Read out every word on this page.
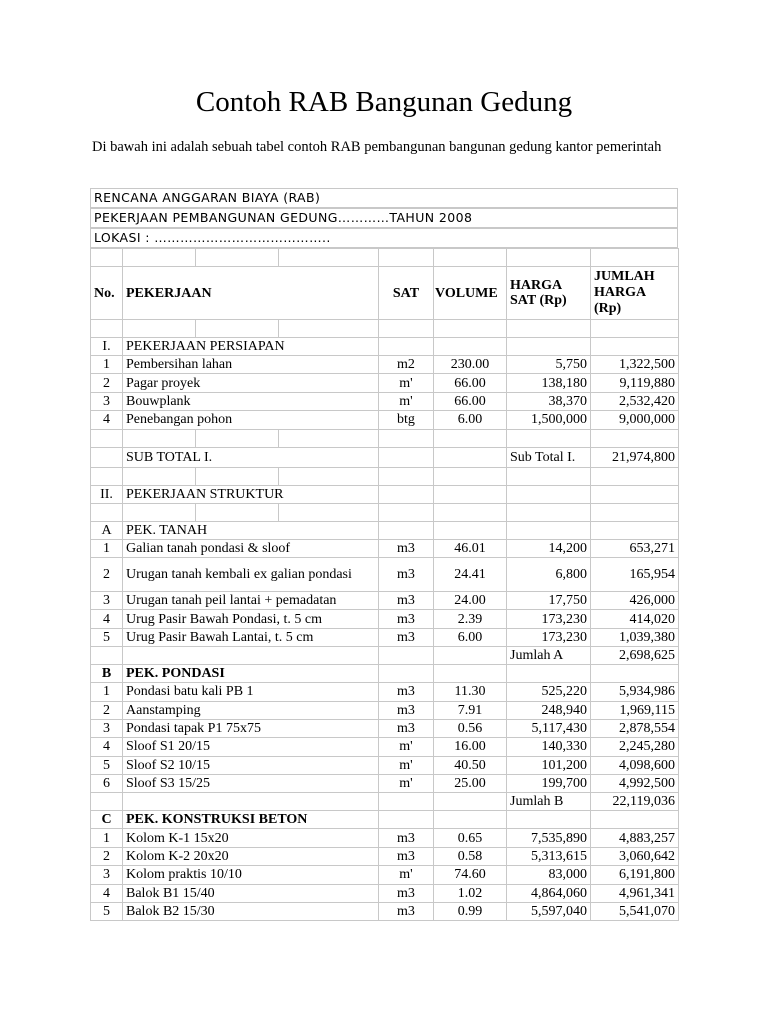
Contoh RAB Bangunan Gedung
Di bawah ini adalah sebuah tabel contoh RAB pembangunan bangunan gedung kantor pemerintah
RENCANA ANGGARAN BIAYA (RAB)
PEKERJAAN PEMBANGUNAN GEDUNG…………TAHUN 2008
LOKASI : …………………………………..

No.	PEKERJAAN			SAT	VOLUME	HARGA SAT (Rp)	JUMLAH HARGA (Rp)

I.	PEKERJAAN PERSIAPAN						
1	Pembersihan lahan			m2	230.00	5,750	1,322,500
2	Pagar proyek			m'	66.00	138,180	9,119,880
3	Bouwplank			m'	66.00	38,370	2,532,420
4	Penebangan pohon			btg	6.00	1,500,000	9,000,000

	SUB TOTAL I.					Sub Total I.	21,974,800

II.	PEKERJAAN STRUKTUR						

A	PEK. TANAH						
1	Galian tanah pondasi & sloof			m3	46.01	14,200	653,271
2	Urugan tanah kembali ex galian pondasi			m3	24.41	6,800	165,954
3	Urugan tanah peil lantai + pemadatan			m3	24.00	17,750	426,000
4	Urug Pasir Bawah Pondasi, t. 5 cm			m3	2.39	173,230	414,020
5	Urug Pasir Bawah Lantai, t. 5 cm			m3	6.00	173,230	1,039,380
						Jumlah A	2,698,625
B	PEK. PONDASI						
1	Pondasi batu kali PB 1			m3	11.30	525,220	5,934,986
2	Aanstamping			m3	7.91	248,940	1,969,115
3	Pondasi tapak P1 75x75			m3	0.56	5,117,430	2,878,554
4	Sloof S1 20/15			m'	16.00	140,330	2,245,280
5	Sloof S2 10/15			m'	40.50	101,200	4,098,600
6	Sloof S3 15/25			m'	25.00	199,700	4,992,500
						Jumlah B	22,119,036
C	PEK. KONSTRUKSI BETON						
1	Kolom K-1 15x20			m3	0.65	7,535,890	4,883,257
2	Kolom K-2 20x20			m3	0.58	5,313,615	3,060,642
3	Kolom praktis 10/10			m'	74.60	83,000	6,191,800
4	Balok B1 15/40			m3	1.02	4,864,060	4,961,341
5	Balok B2 15/30			m3	0.99	5,597,040	5,541,070
